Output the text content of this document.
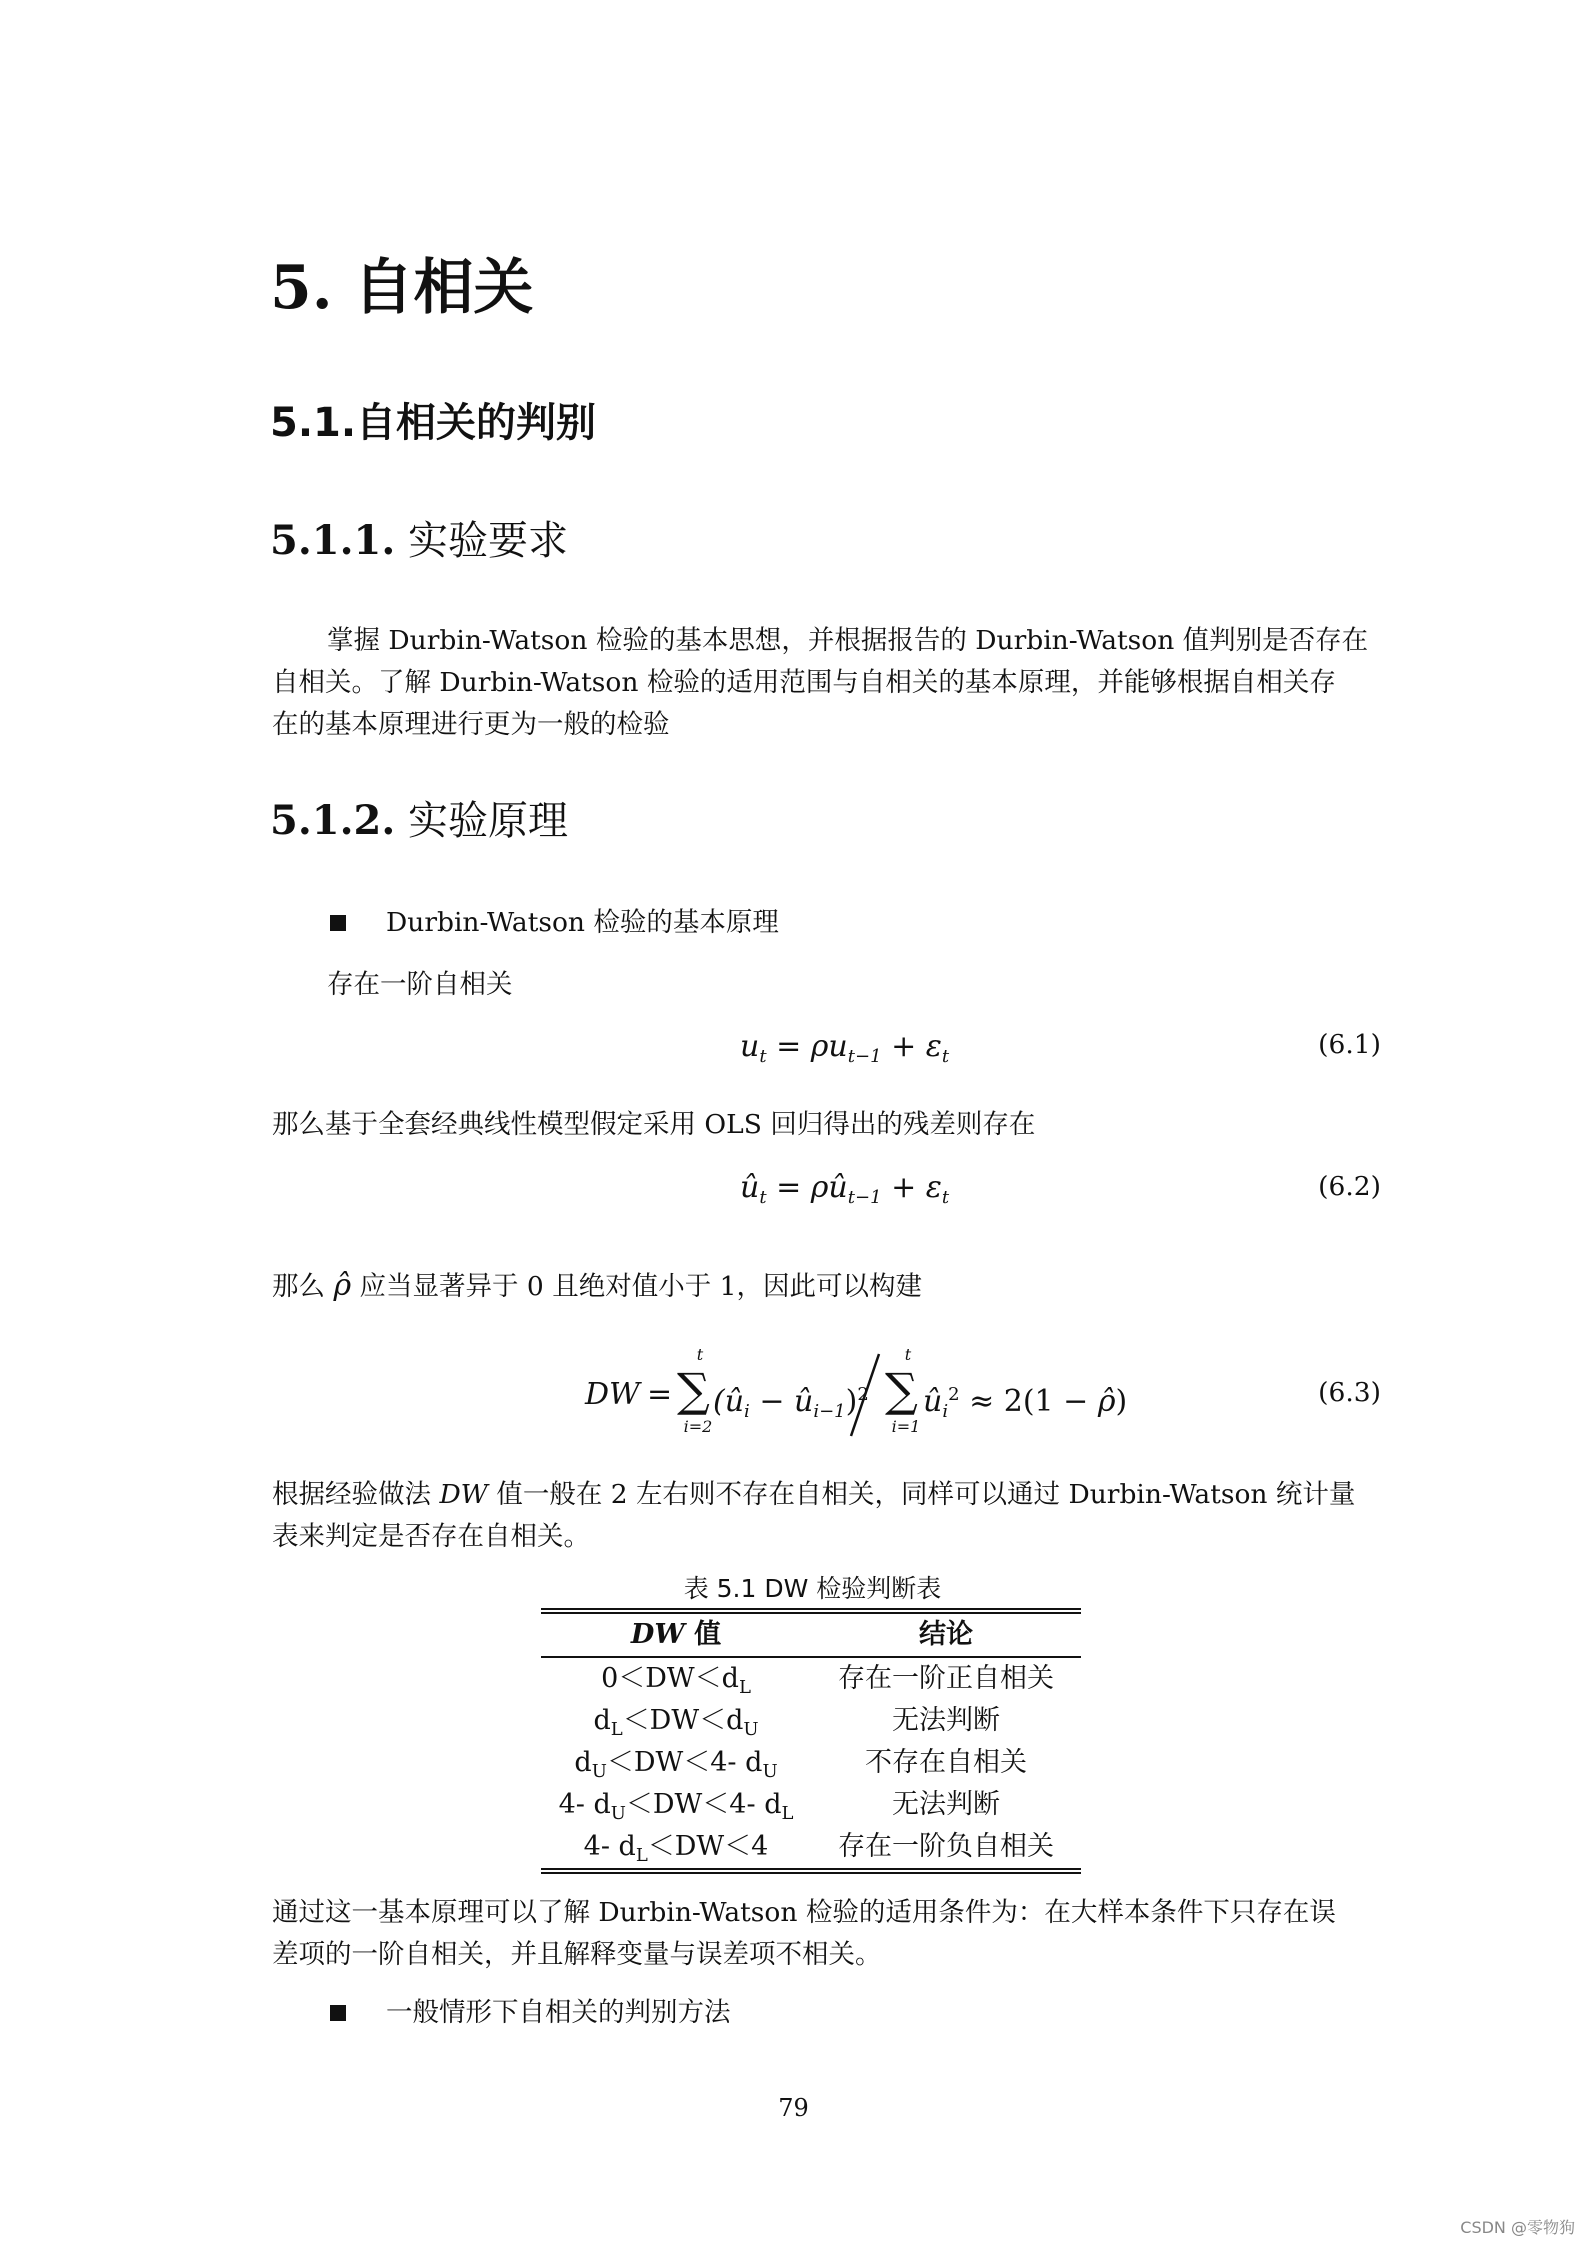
5. 自相关
5.1.自相关的判别
5.1.1. 实验要求
掌握 Durbin-Watson 检验的基本思想，并根据报告的 Durbin-Watson 值判别是否存在
自相关。了解 Durbin-Watson 检验的适用范围与自相关的基本原理，并能够根据自相关存
在的基本原理进行更为一般的检验
5.1.2. 实验原理
Durbin-Watson 检验的基本原理
存在一阶自相关
$u_t = \rho u_{t-1} + \varepsilon_t$	(6.1)
那么基于全套经典线性模型假定采用 OLS 回归得出的残差则存在
$û_t$ = $\rho û_{t-1} + \varepsilon_t$	(6.2)
那么 ρ̂ 应当显著异于 0 且绝对值小于 1，因此可以构建
DW =
t
∑
i=2
($û_i$ − $û_{i-1})^2$
t
∑
i=1
$û_i^2 \approx 2(1$ − ρ̂)	(6.3)
根据经验做法 DW 值一般在 2 左右则不存在自相关，同样可以通过 Durbin-Watson 统计量
表来判定是否存在自相关。
表 5.1 DW 检验判断表
DW 值	结论
$0<DW<d_L$	存在一阶正自相关
$d_L<DW<d_U$	无法判断
$d_U<DW<4-$ $d_U$	不存在自相关
4- $d_U<DW<4-$ $d_L$	无法判断
4- $d_L<DW<4$	存在一阶负自相关
通过这一基本原理可以了解 Durbin-Watson 检验的适用条件为：在大样本条件下只存在误
差项的一阶自相关，并且解释变量与误差项不相关。
一般情形下自相关的判别方法
79
CSDN @零物狗
